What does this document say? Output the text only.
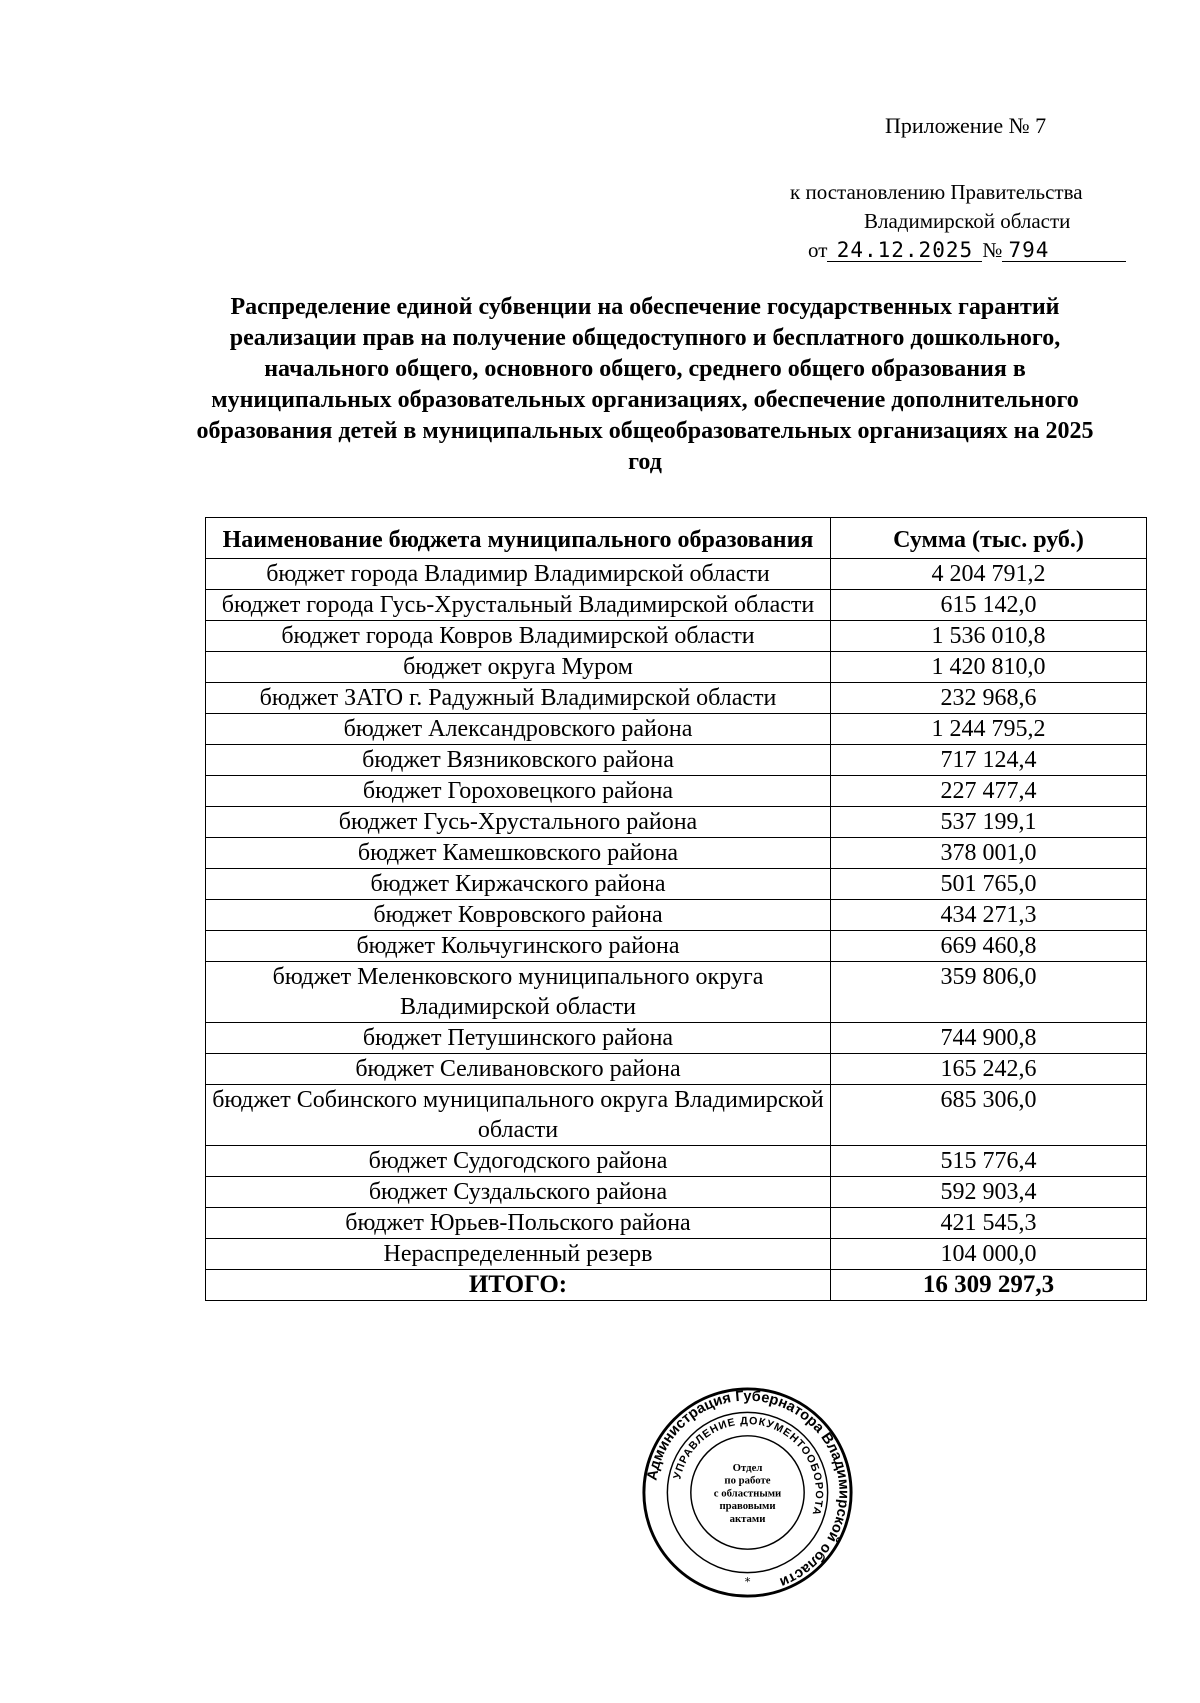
Приложение № 7
к постановлению Правительства
Владимирской области
от 24.12.2025 № 794
Распределение единой субвенции на обеспечение государственных гарантий реализации прав на получение общедоступного и бесплатного дошкольного, начального общего, основного общего, среднего общего образования в муниципальных образовательных организациях, обеспечение дополнительного образования детей в муниципальных общеобразовательных организациях на 2025 год
Наименование бюджета муниципального образования	Сумма (тыс. руб.)
бюджет города Владимир Владимирской области	4 204 791,2
бюджет города Гусь-Хрустальный Владимирской области	615 142,0
бюджет города Ковров Владимирской области	1 536 010,8
бюджет округа Муром	1 420 810,0
бюджет ЗАТО г. Радужный Владимирской области	232 968,6
бюджет Александровского района	1 244 795,2
бюджет Вязниковского района	717 124,4
бюджет Гороховецкого района	227 477,4
бюджет Гусь-Хрустального района	537 199,1
бюджет Камешковского района	378 001,0
бюджет Киржачского района	501 765,0
бюджет Ковровского района	434 271,3
бюджет Кольчугинского района	669 460,8
бюджет Меленковского муниципального округа Владимирской области	359 806,0
бюджет Петушинского района	744 900,8
бюджет Селивановского района	165 242,6
бюджет Собинского муниципального округа Владимирской области	685 306,0
бюджет Судогодского района	515 776,4
бюджет Суздальского района	592 903,4
бюджет Юрьев-Польского района	421 545,3
Нераспределенный резерв	104 000,0
ИТОГО:	16 309 297,3
Администрация Губернатора Владимирской области
УПРАВЛЕНИЕ ДОКУМЕНТООБОРОТА
Отдел
по работе
с областными
правовыми
актами
*
